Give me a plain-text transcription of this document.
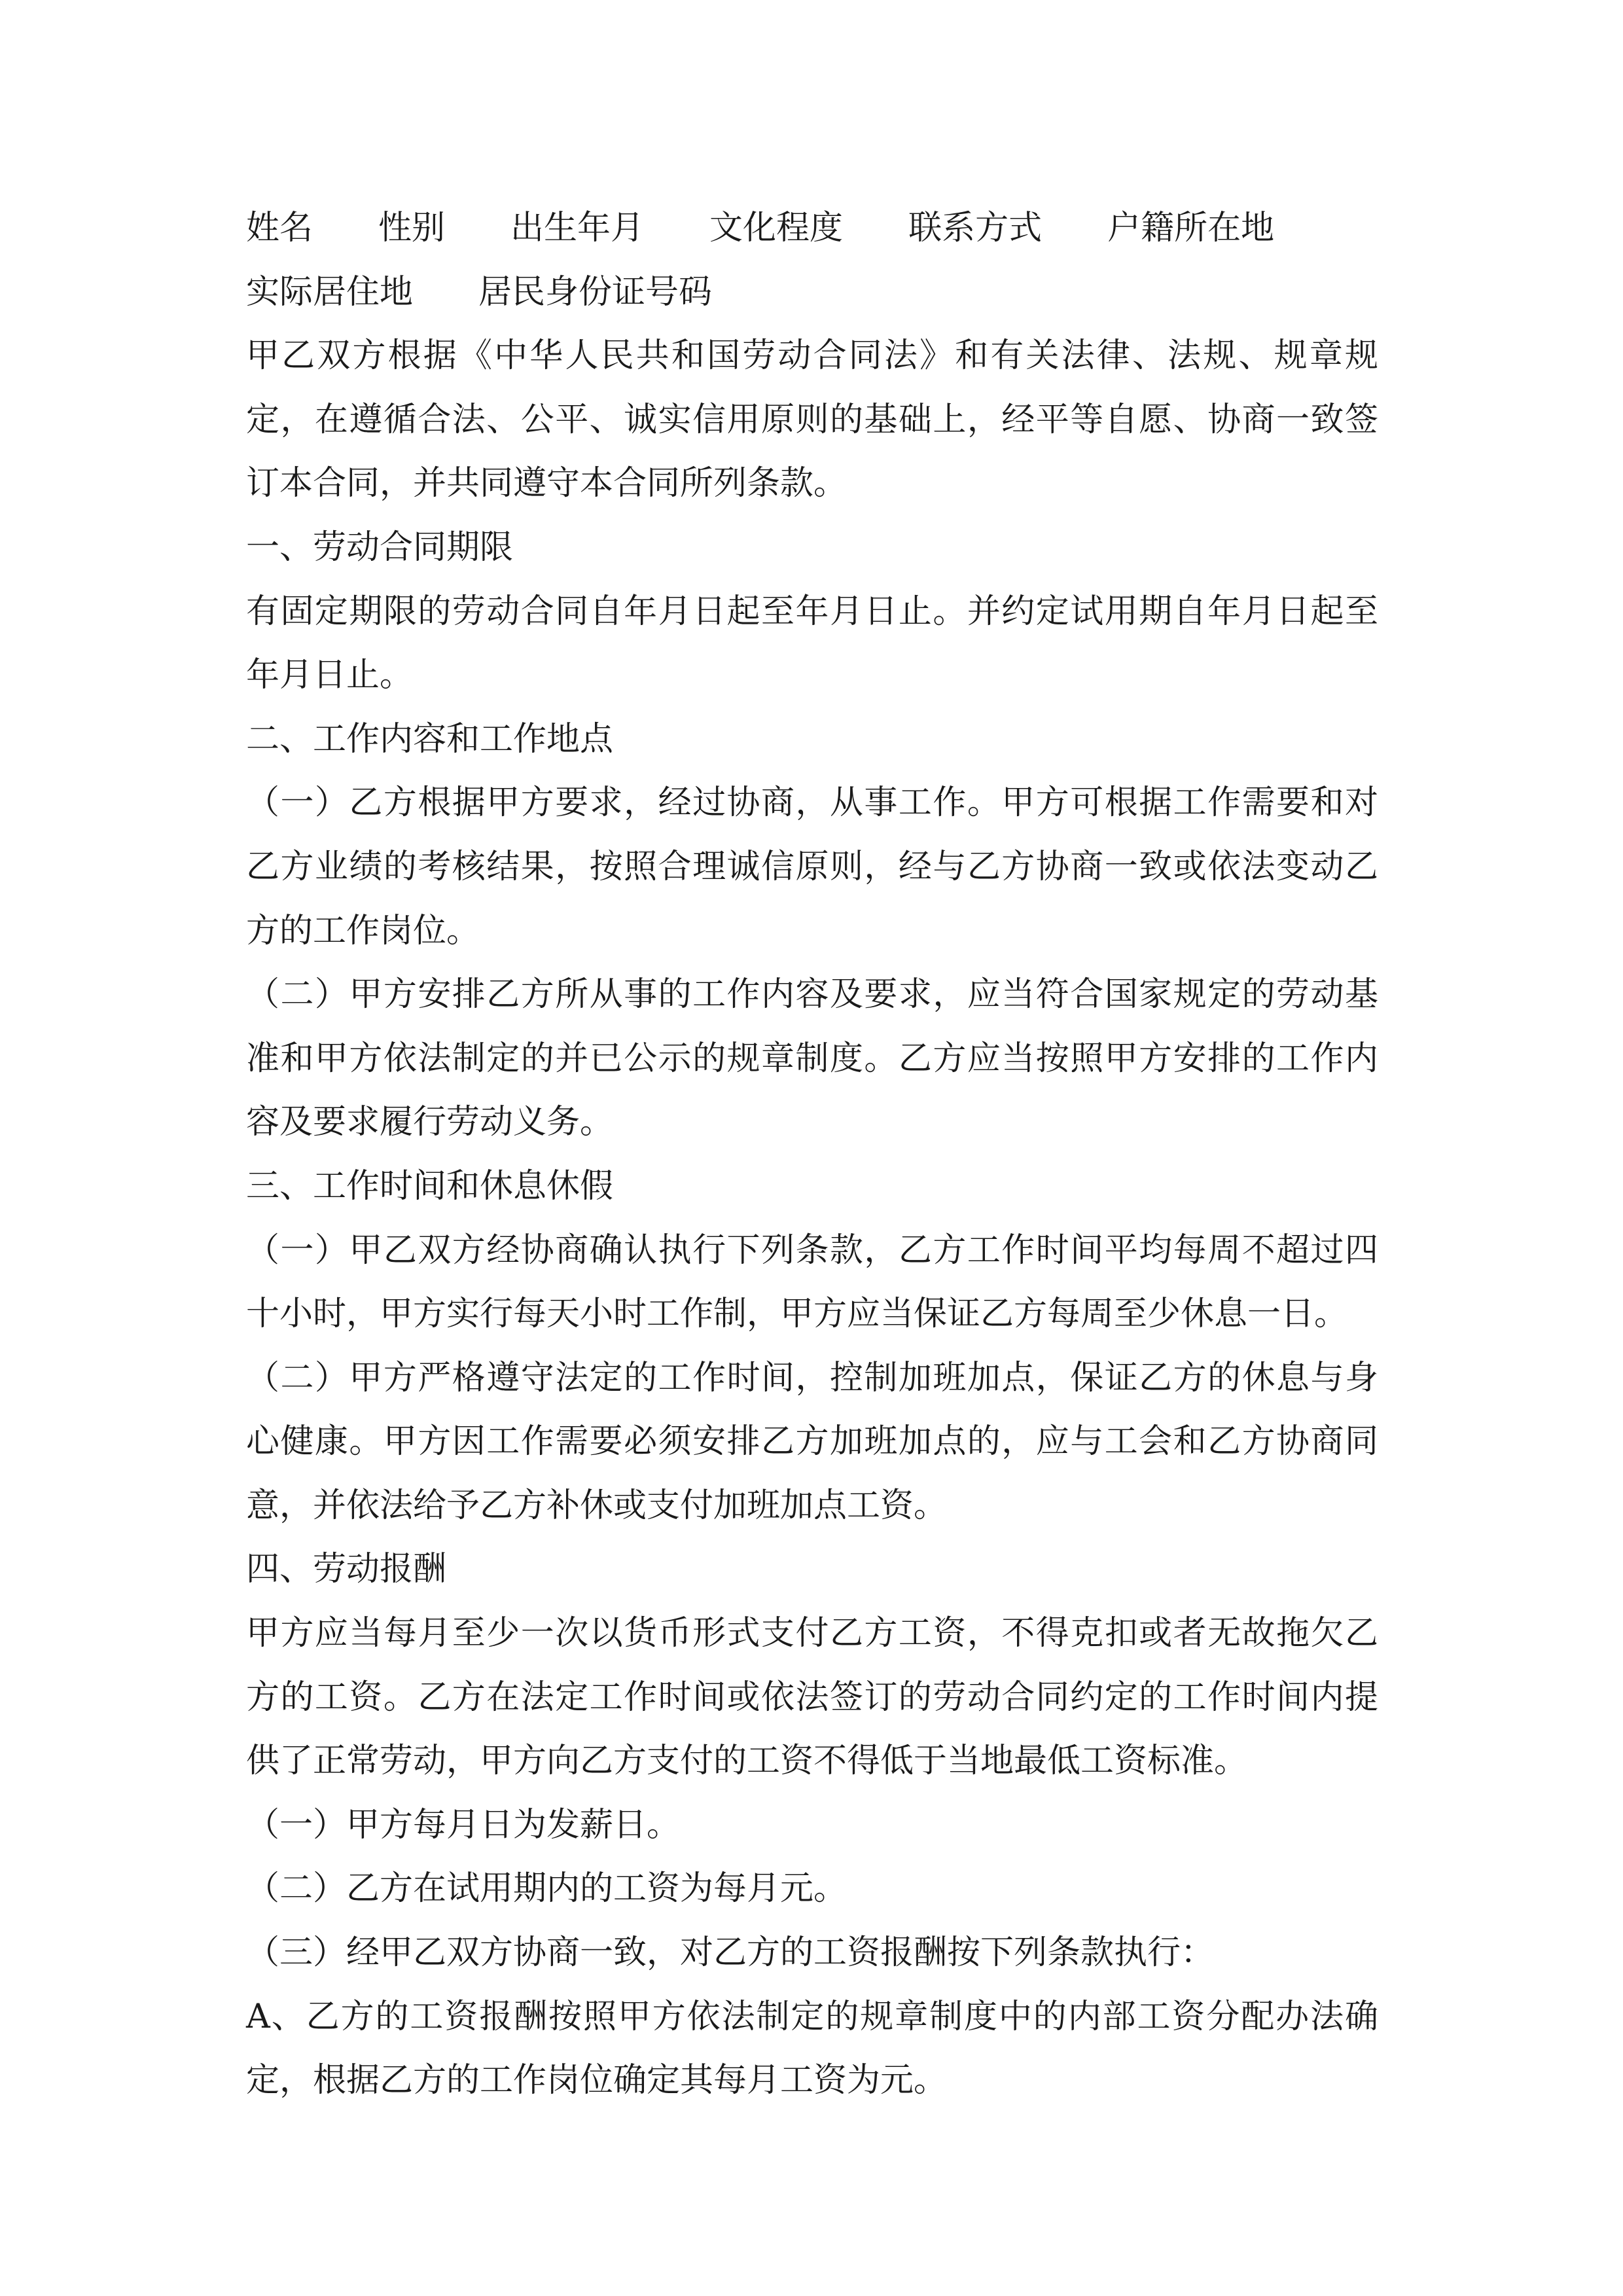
姓名 性别 出生年月 文化程度 联系方式 户籍所在地
实际居住地 居民身份证号码
甲乙双方根据《中华人民共和国劳动合同法》和有关法律、法规、规章规定，在遵循合法、公平、诚实信用原则的基础上，经平等自愿、协商一致签订本合同，并共同遵守本合同所列条款。

一、劳动合同期限

有固定期限的劳动合同自年月日起至年月日止。并约定试用期自年月日起至年月日止。

二、工作内容和工作地点

（一）乙方根据甲方要求，经过协商，从事工作。甲方可根据工作需要和对乙方业绩的考核结果，按照合理诚信原则，经与乙方协商一致或依法变动乙方的工作岗位。

（二）甲方安排乙方所从事的工作内容及要求，应当符合国家规定的劳动基准和甲方依法制定的并已公示的规章制度。乙方应当按照甲方安排的工作内容及要求履行劳动义务。

三、工作时间和休息休假

（一）甲乙双方经协商确认执行下列条款，乙方工作时间平均每周不超过四十小时，甲方实行每天小时工作制，甲方应当保证乙方每周至少休息一日。

（二）甲方严格遵守法定的工作时间，控制加班加点，保证乙方的休息与身心健康。甲方因工作需要必须安排乙方加班加点的，应与工会和乙方协商同意，并依法给予乙方补休或支付加班加点工资。

四、劳动报酬

甲方应当每月至少一次以货币形式支付乙方工资，不得克扣或者无故拖欠乙方的工资。乙方在法定工作时间或依法签订的劳动合同约定的工作时间内提供了正常劳动，甲方向乙方支付的工资不得低于当地最低工资标准。

（一）甲方每月日为发薪日。

（二）乙方在试用期内的工资为每月元。

（三）经甲乙双方协商一致，对乙方的工资报酬按下列条款执行：

A、乙方的工资报酬按照甲方依法制定的规章制度中的内部工资分配办法确定，根据乙方的工作岗位确定其每月工资为元。
